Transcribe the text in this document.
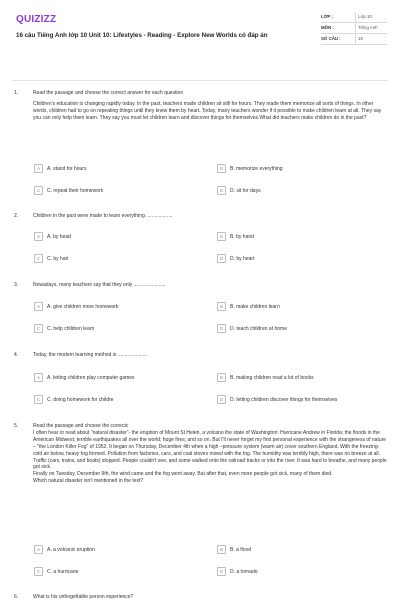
QUIZIZZ
16 câu Tiếng Anh lớp 10 Unit 10: Lifestyles - Reading - Explore New Worlds có đáp án
LỚP :	Lớp 10
MÔN :	Tiếng Anh
SỐ CÂU :	16
1.	Read the passage and choose the correct answer for each question

Children's education is changing rapidly today. In the past, teachers made children sit still for hours. They made them memorize all sorts of things. In other words, children had to go on repeating things until they knew them by heart. Today, many teachers wonder if it possible to make children learn at all. They say you can only help them learn. They say you must let children learn and discover things for themselves.What did teachers make children do in the past?

A	A. stand for hours	B	B. memorize everything
C	C. repeat their homework	D	D. sit for days
2.	Children in the past were made to learn everything ...................
A	A. by head	B	B. by hand
C	C. by hair	D	D. by heart
3.	Nowadays, many teachers say that they only .......................
A	A. give children more homework	B	B. make children learn
C	C. help children learn	D	D. teach children at home
4.	Today, the modern learning method is .....................
A	A. letting children play computer games	B	B. making children read a lot of books
C	C. doing homework for childre	D	D. letting children discover things for themselves
5.	Read the passage and choose the correctc
I often hear or read about "natural disaster"- the eruption of Mount St Helen, a volcano the state of Washington: Hurricane Andrew in Florida; the floods in the American Midwest; terrible earthquakes all over the world; huge fires; and so on. But I'll never forget my first personal experience with the strangeness of nature – "the London Killer Fog" of 1952. It began on Thursday, December 4th when a high –pressure system (warm air) cover southern England. With the freezing-cold air below, heavy fog formed. Pollution from factories, cars, and coal stoves mixed with the fog. The humidity was terribly high, there was no breeze at all. Traffic (cars, trains, and boats) stopped. People couldn't see, and some walked onto the railroad tracks or into the river. It was hard to breathe, and many people got sick.
Finally on Tuesday, December 9th, the wind came and the fog went away. But after that, even more people got sick, many of them died.
Which natural disaster isn't mentioned in the text?
A	A. a volcanic eruption	B	B. a flood
C	C. a hurricane	D	D. a tornado
6.	What is his unforgettable person experience?
